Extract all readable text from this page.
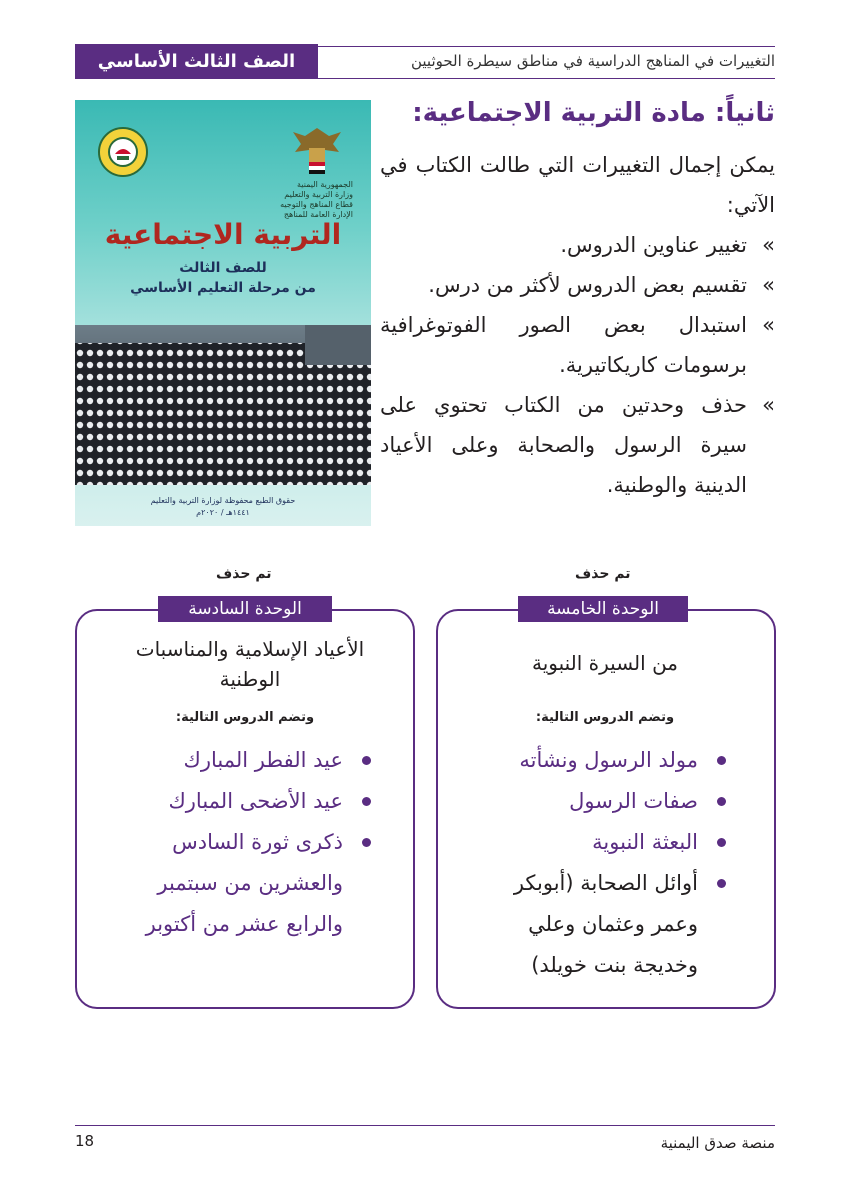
الصف الثالث الأساسي	التغييرات في المناهج الدراسية في مناطق سيطرة الحوثيين
الجمهورية اليمنية
وزارة التربية والتعليم
قطاع المناهج والتوجيه
الإدارة العامة للمناهج
التربية الاجتماعية
للصف الثالث
من مرحلة التعليم الأساسي
حقوق الطبع محفوظة لوزارة التربية والتعليم
١٤٤١هـ / ٢٠٢٠م
ثانياً: مادة التربية الاجتماعية:

يمكن إجمال التغييرات التي طالت الكتاب في الآتي:

»
تغيير عناوين الدروس.
»
تقسيم بعض الدروس لأكثر من درس.
»
استبدال بعض الصور الفوتوغرافية برسومات كاريكاتيرية.
»
حذف وحدتين من الكتاب تحتوي على سيرة الرسول والصحابة وعلى الأعياد الدينية والوطنية.
تم حذف
الوحدة الخامسة
من السيرة النبوية
وتضم الدروس التالية:
مولد الرسول ونشأته
صفات الرسول
البعثة النبوية
أوائل الصحابة (أبوبكر وعمر وعثمان وعلي وخديجة بنت خويلد)
تم حذف
الوحدة السادسة
الأعياد الإسلامية والمناسبات الوطنية
وتضم الدروس التالية:
عيد الفطر المبارك
عيد الأضحى المبارك
ذكرى ثورة السادس والعشرين من سبتمبر والرابع عشر من أكتوبر
منصة صدق اليمنية
18
